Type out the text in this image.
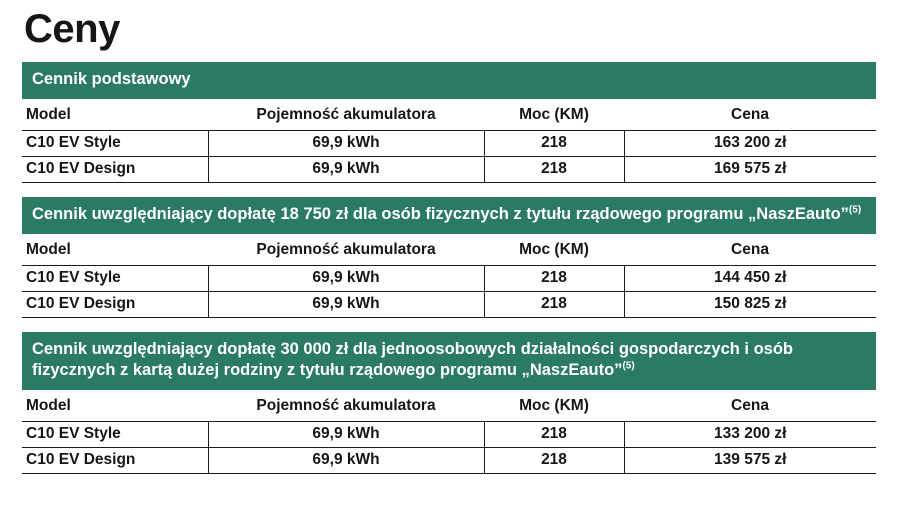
Ceny
Cennik podstawowy
Model	Pojemność akumulatora	Moc (KM)	Cena
C10 EV Style	69,9 kWh	218	163 200 zł
C10 EV Design	69,9 kWh	218	169 575 zł
Cennik uwzględniający dopłatę 18 750 zł dla osób fizycznych z tytułu rządowego programu „NaszEauto”$^{(5)}$
Model	Pojemność akumulatora	Moc (KM)	Cena
C10 EV Style	69,9 kWh	218	144 450 zł
C10 EV Design	69,9 kWh	218	150 825 zł
Cennik uwzględniający dopłatę 30 000 zł dla jednoosobowych działalności gospodarczych i osób fizycznych z kartą dużej rodziny z tytułu rządowego programu „NaszEauto”$^{(5)}$
Model	Pojemność akumulatora	Moc (KM)	Cena
C10 EV Style	69,9 kWh	218	133 200 zł
C10 EV Design	69,9 kWh	218	139 575 zł
